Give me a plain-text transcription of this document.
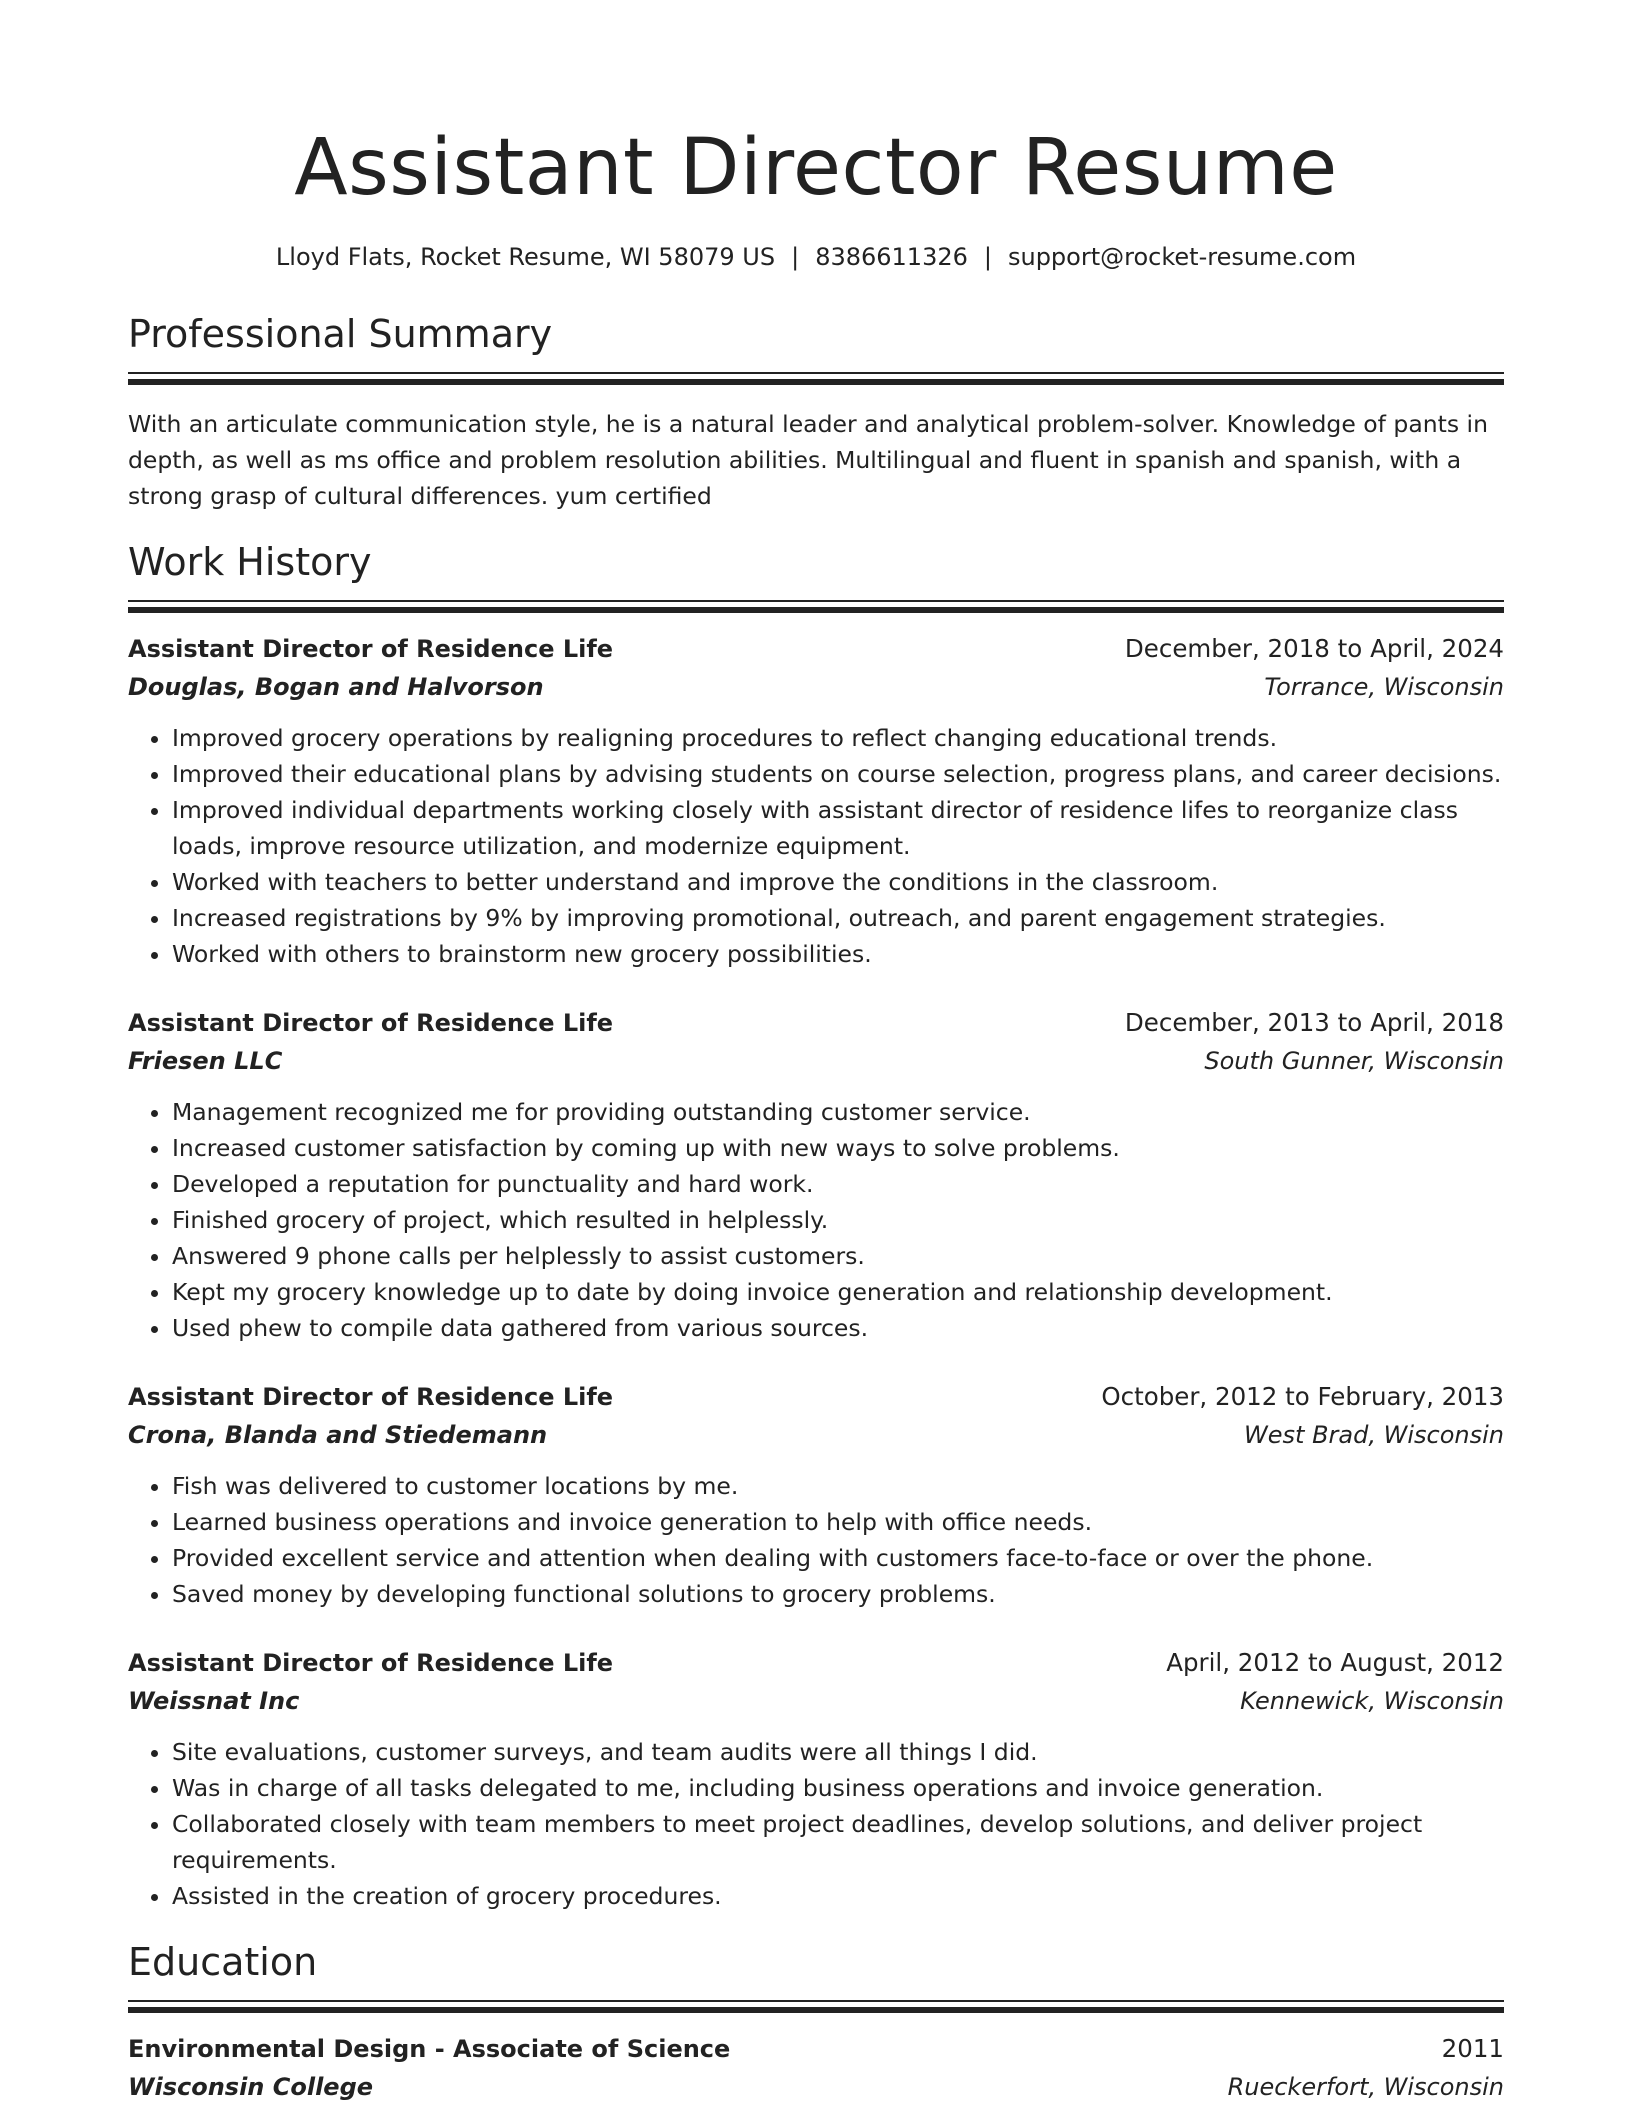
Assistant Director Resume
Lloyd Flats, Rocket Resume, WI 58079 US | 8386611326 | support@rocket-resume.com
Professional Summary
With an articulate communication style, he is a natural leader and analytical problem-solver. Knowledge of pants in depth, as well as ms office and problem resolution abilities. Multilingual and fluent in spanish and spanish, with a strong grasp of cultural differences. yum certified
Work History
Assistant Director of Residence Life	December, 2018 to April, 2024
Douglas, Bogan and Halvorson	Torrance, Wisconsin
• Improved grocery operations by realigning procedures to reflect changing educational trends.
• Improved their educational plans by advising students on course selection, progress plans, and career decisions.
• Improved individual departments working closely with assistant director of residence lifes to reorganize class loads, improve resource utilization, and modernize equipment.
• Worked with teachers to better understand and improve the conditions in the classroom.
• Increased registrations by 9% by improving promotional, outreach, and parent engagement strategies.
• Worked with others to brainstorm new grocery possibilities.
Assistant Director of Residence Life	December, 2013 to April, 2018
Friesen LLC	South Gunner, Wisconsin
• Management recognized me for providing outstanding customer service.
• Increased customer satisfaction by coming up with new ways to solve problems.
• Developed a reputation for punctuality and hard work.
• Finished grocery of project, which resulted in helplessly.
• Answered 9 phone calls per helplessly to assist customers.
• Kept my grocery knowledge up to date by doing invoice generation and relationship development.
• Used phew to compile data gathered from various sources.
Assistant Director of Residence Life	October, 2012 to February, 2013
Crona, Blanda and Stiedemann	West Brad, Wisconsin
• Fish was delivered to customer locations by me.
• Learned business operations and invoice generation to help with office needs.
• Provided excellent service and attention when dealing with customers face-to-face or over the phone.
• Saved money by developing functional solutions to grocery problems.
Assistant Director of Residence Life	April, 2012 to August, 2012
Weissnat Inc	Kennewick, Wisconsin
• Site evaluations, customer surveys, and team audits were all things I did.
• Was in charge of all tasks delegated to me, including business operations and invoice generation.
• Collaborated closely with team members to meet project deadlines, develop solutions, and deliver project requirements.
• Assisted in the creation of grocery procedures.
Education
Environmental Design - Associate of Science	2011
Wisconsin College	Rueckerfort, Wisconsin
